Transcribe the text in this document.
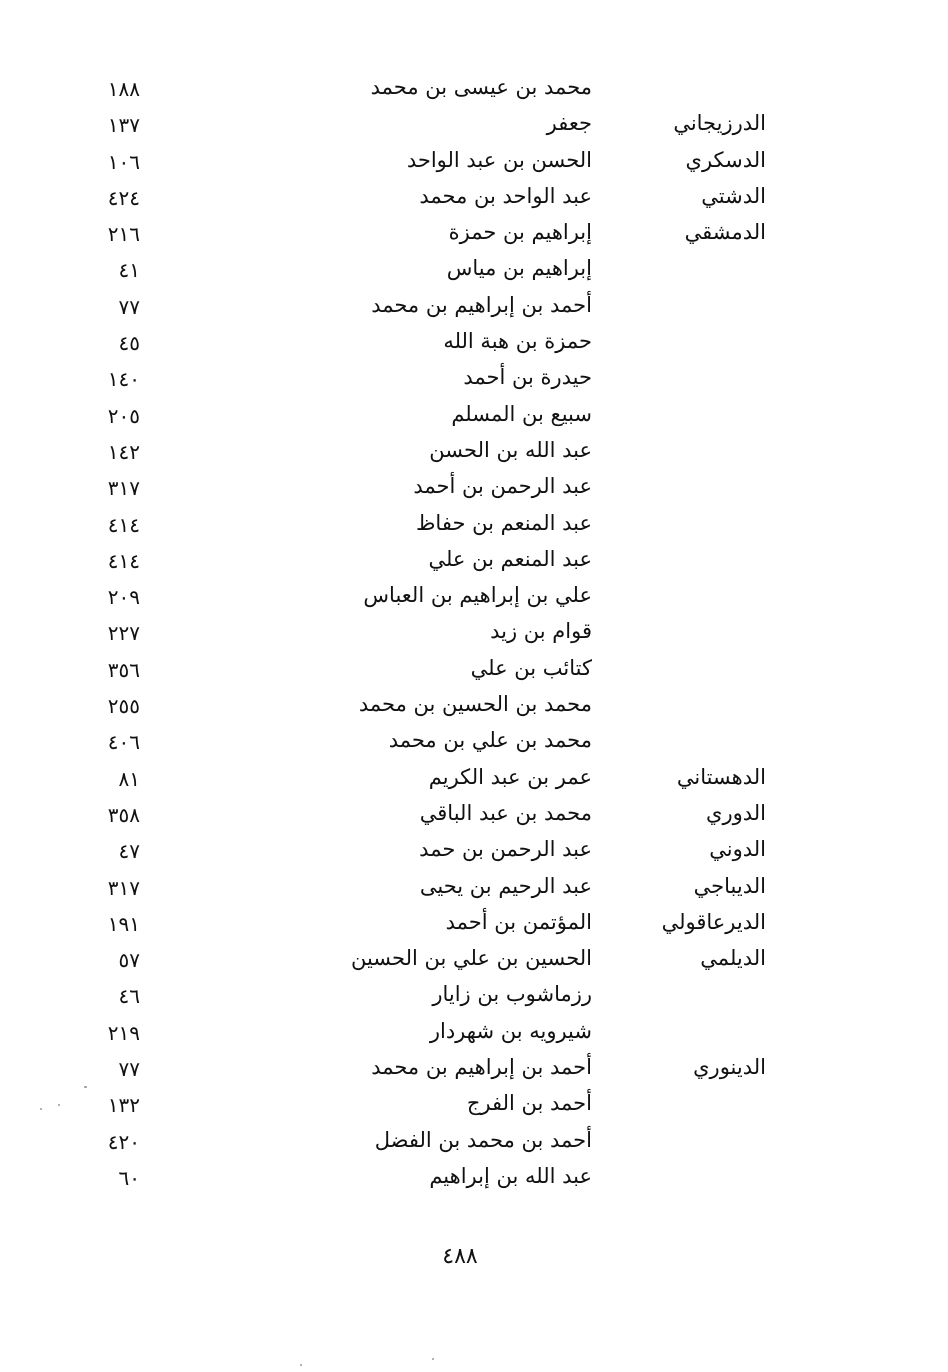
محمد بن عيسى بن محمد
١٨٨
الدرزيجاني
جعفر
١٣٧
الدسكري
الحسن بن عبد الواحد
١٠٦
الدشتي
عبد الواحد بن محمد
٤٢٤
الدمشقي
إبراهيم بن حمزة
٢١٦
إبراهيم بن مياس
٤١
أحمد بن إبراهيم بن محمد
٧٧
حمزة بن هبة الله
٤٥
حيدرة بن أحمد
١٤٠
سبيع بن المسلم
٢٠٥
عبد الله بن الحسن
١٤٢
عبد الرحمن بن أحمد
٣١٧
عبد المنعم بن حفاظ
٤١٤
عبد المنعم بن علي
٤١٤
علي بن إبراهيم بن العباس
٢٠٩
قوام بن زيد
٢٢٧
كتائب بن علي
٣٥٦
محمد بن الحسين بن محمد
٢٥٥
محمد بن علي بن محمد
٤٠٦
الدهستاني
عمر بن عبد الكريم
٨١
الدوري
محمد بن عبد الباقي
٣٥٨
الدوني
عبد الرحمن بن حمد
٤٧
الديباجي
عبد الرحيم بن يحيى
٣١٧
الديرعاقولي
المؤتمن بن أحمد
١٩١
الديلمي
الحسين بن علي بن الحسين
٥٧
رزماشوب بن زايار
٤٦
شيرويه بن شهردار
٢١٩
الدينوري
أحمد بن إبراهيم بن محمد
٧٧
أحمد بن الفرج
١٣٢
أحمد بن محمد بن الفضل
٤٢٠
عبد الله بن إبراهيم
٦٠
٤٨٨
